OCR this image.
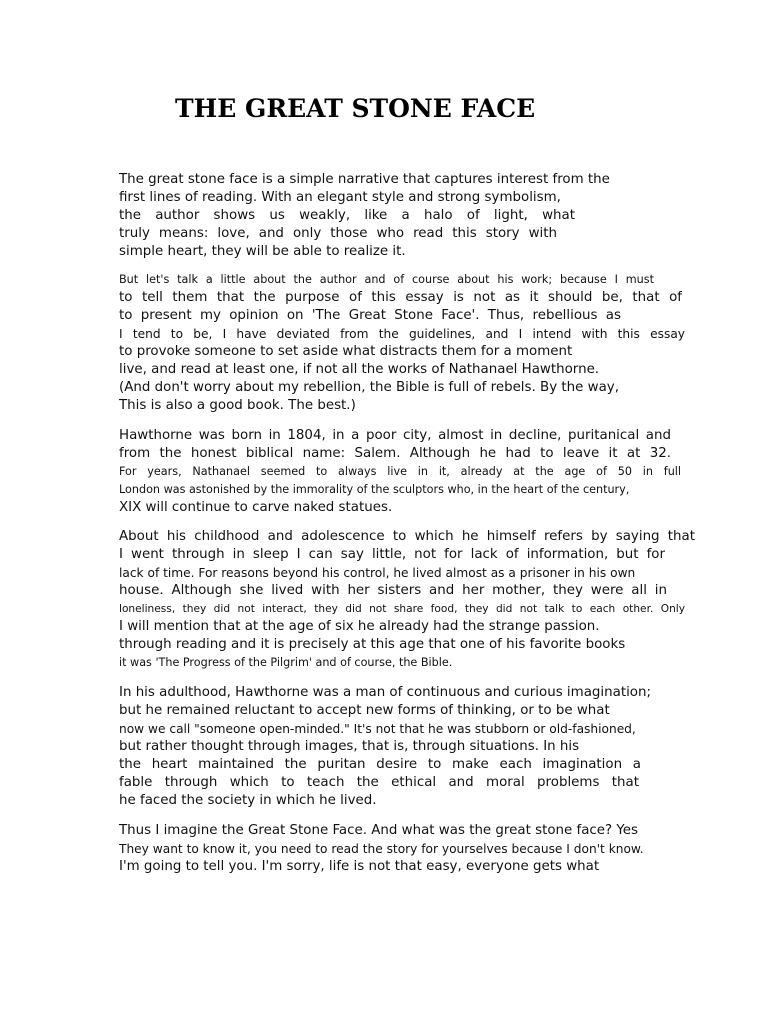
THE GREAT STONE FACE
The great stone face is a simple narrative that captures interest from the
first lines of reading. With an elegant style and strong symbolism,
the author shows us weakly, like a halo of light, what
truly means: love, and only those who read this story with
simple heart, they will be able to realize it.
But let's talk a little about the author and of course about his work; because I must
to tell them that the purpose of this essay is not as it should be, that of
to present my opinion on 'The Great Stone Face'. Thus, rebellious as
I tend to be, I have deviated from the guidelines, and I intend with this essay
to provoke someone to set aside what distracts them for a moment
live, and read at least one, if not all the works of Nathanael Hawthorne.
(And don't worry about my rebellion, the Bible is full of rebels. By the way,
This is also a good book. The best.)
Hawthorne was born in 1804, in a poor city, almost in decline, puritanical and
from the honest biblical name: Salem. Although he had to leave it at 32.
For years, Nathanael seemed to always live in it, already at the age of 50 in full
London was astonished by the immorality of the sculptors who, in the heart of the century,
XIX will continue to carve naked statues.
About his childhood and adolescence to which he himself refers by saying that
I went through in sleep I can say little, not for lack of information, but for
lack of time. For reasons beyond his control, he lived almost as a prisoner in his own
house. Although she lived with her sisters and her mother, they were all in
loneliness, they did not interact, they did not share food, they did not talk to each other. Only
I will mention that at the age of six he already had the strange passion.
through reading and it is precisely at this age that one of his favorite books
it was 'The Progress of the Pilgrim' and of course, the Bible.
In his adulthood, Hawthorne was a man of continuous and curious imagination;
but he remained reluctant to accept new forms of thinking, or to be what
now we call "someone open-minded." It's not that he was stubborn or old-fashioned,
but rather thought through images, that is, through situations. In his
the heart maintained the puritan desire to make each imagination a
fable through which to teach the ethical and moral problems that
he faced the society in which he lived.
Thus I imagine the Great Stone Face. And what was the great stone face? Yes
They want to know it, you need to read the story for yourselves because I don't know.
I'm going to tell you. I'm sorry, life is not that easy, everyone gets what
